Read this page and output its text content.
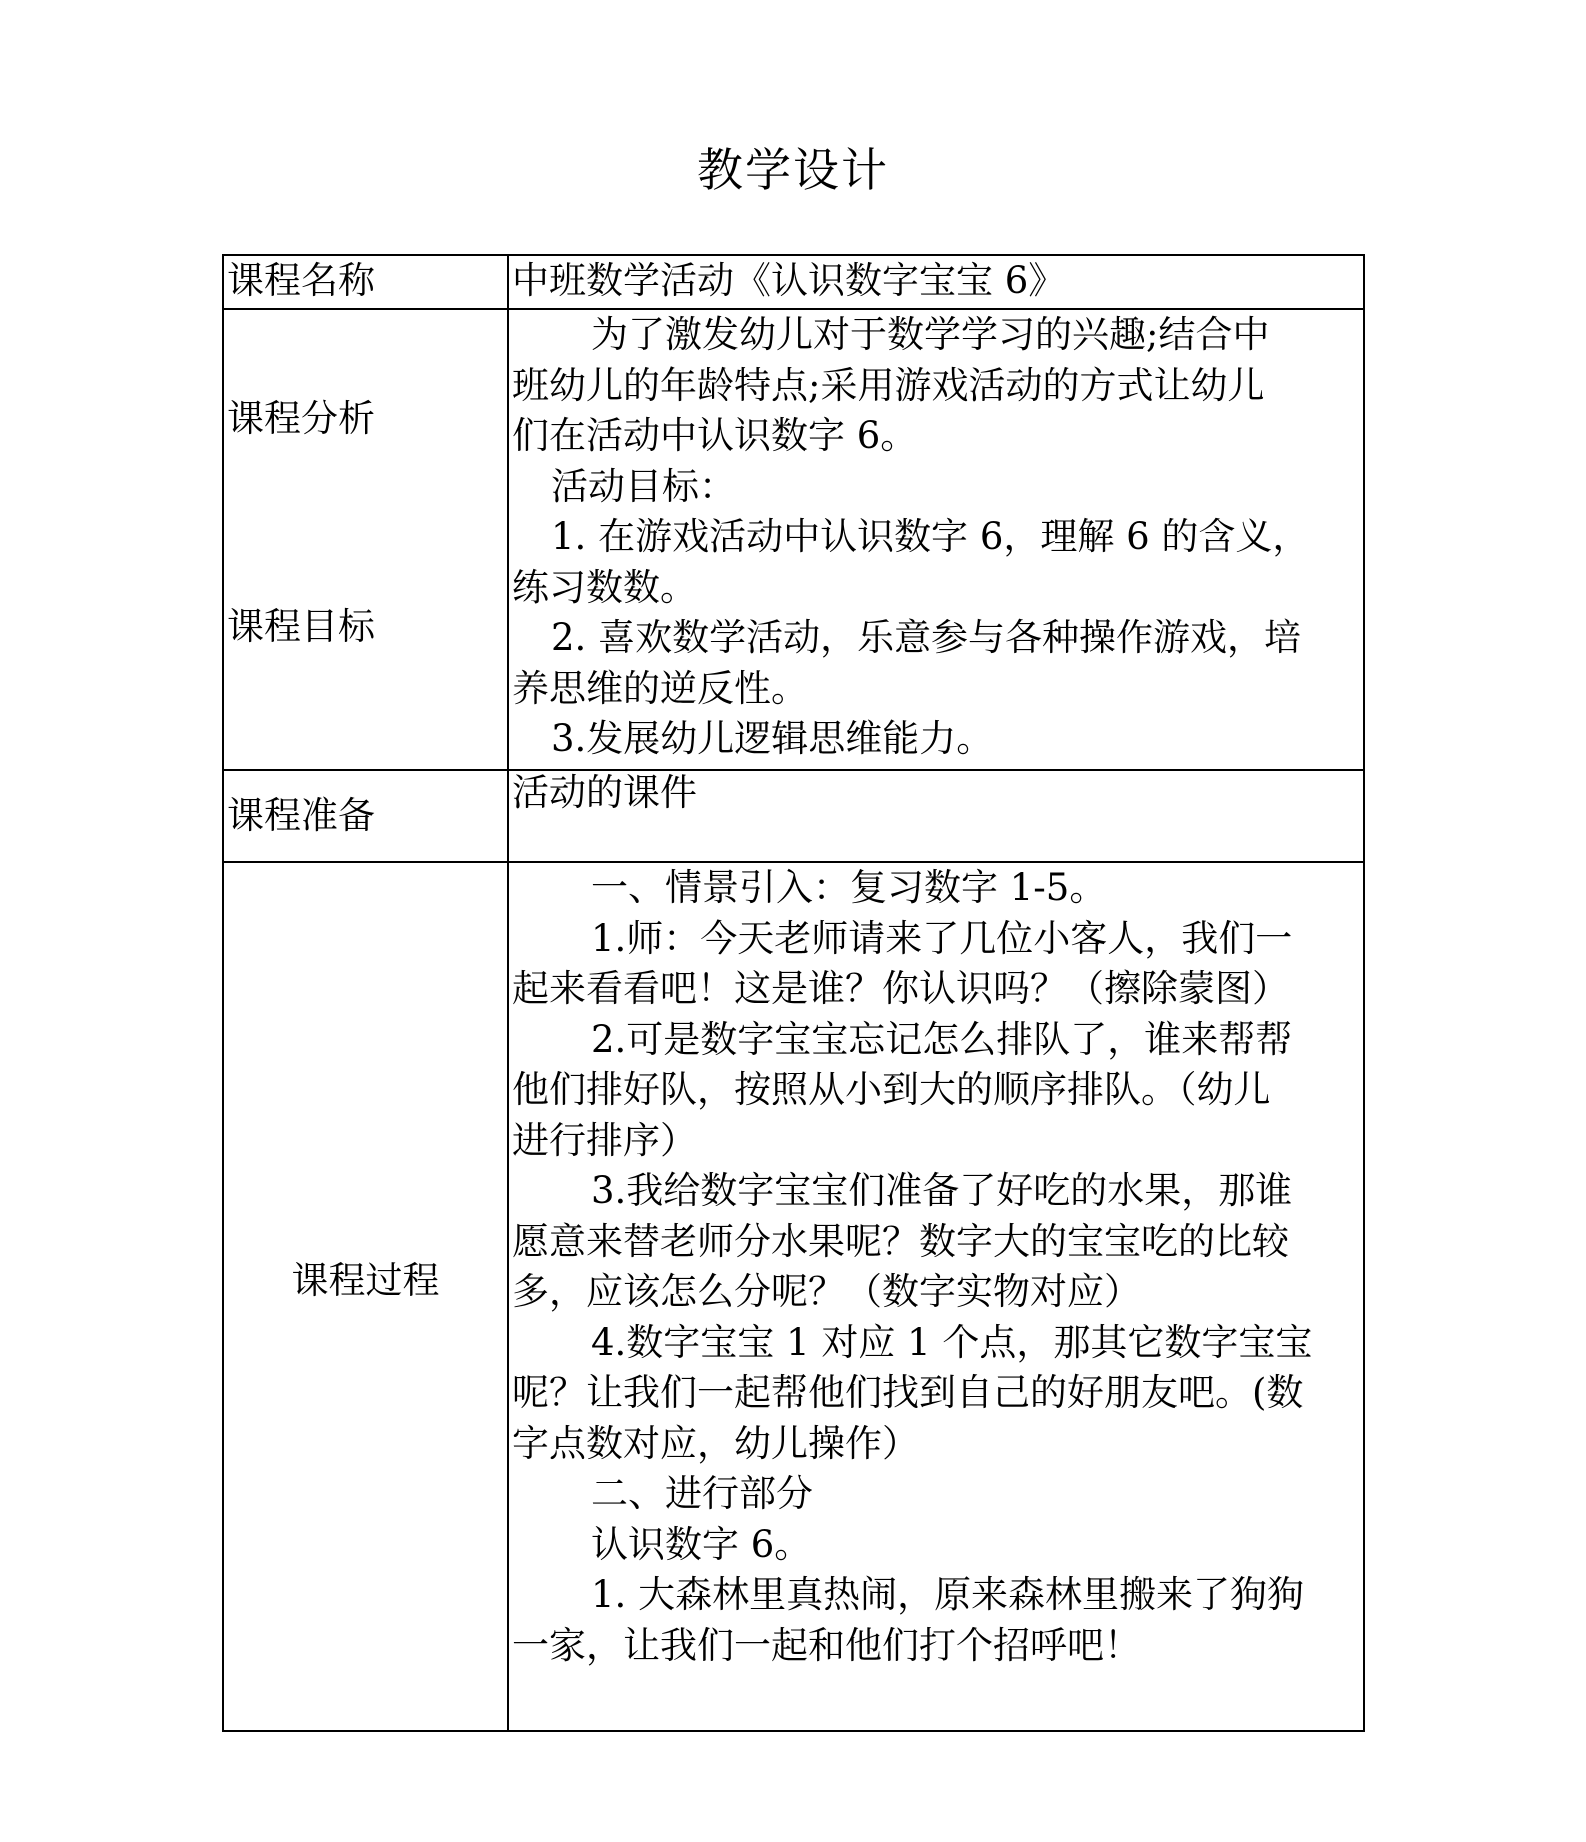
教学设计
课程名称	中班数学活动《认识数字宝宝 6》
课程分析
课程目标
为了激发幼儿对于数学学习的兴趣;结合中
班幼儿的年龄特点;采用游戏活动的方式让幼儿
们在活动中认识数字 6。
活动目标：
1. 在游戏活动中认识数字 6，理解 6 的含义，
练习数数。
2. 喜欢数学活动，乐意参与各种操作游戏，培
养思维的逆反性。
3.发展幼儿逻辑思维能力。
课程准备
活动的课件
课程过程
一、情景引入：复习数字 1-5。
1.师：今天老师请来了几位小客人，我们一
起来看看吧！这是谁？你认识吗？（擦除蒙图）
2.可是数字宝宝忘记怎么排队了，谁来帮帮
他们排好队，按照从小到大的顺序排队。（幼儿
进行排序）
3.我给数字宝宝们准备了好吃的水果，那谁
愿意来替老师分水果呢？数字大的宝宝吃的比较
多，应该怎么分呢？（数字实物对应）
4.数字宝宝 1 对应 1 个点，那其它数字宝宝
呢？让我们一起帮他们找到自己的好朋友吧。(数
字点数对应，幼儿操作）
二、进行部分
认识数字 6。
1. 大森林里真热闹，原来森林里搬来了狗狗
一家，让我们一起和他们打个招呼吧！
